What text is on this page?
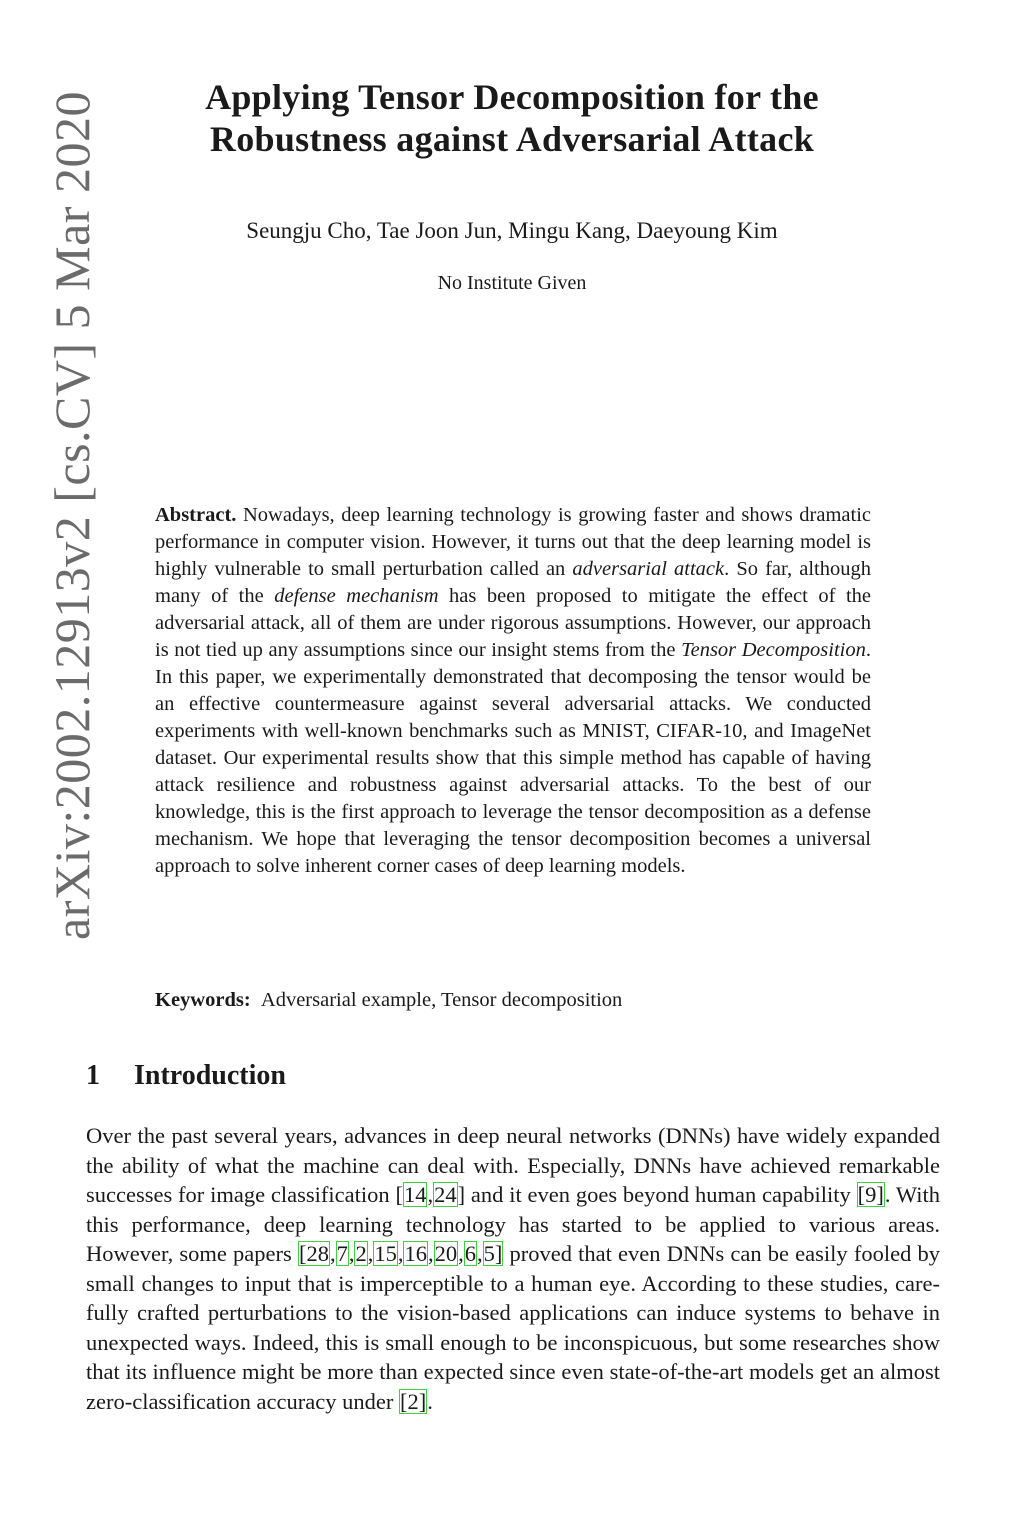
arXiv:2002.12913v2 [cs.CV] 5 Mar 2020	Applying Tensor Decomposition for the
Robustness against Adversarial Attack
Seungju Cho, Tae Joon Jun, Mingu Kang, Daeyoung Kim
No Institute Given
Abstract. Nowadays, deep learning technology is growing faster and shows dramatic performance in computer vision. However, it turns out that the deep learning model is highly vulnerable to small perturbation called an adversarial attack. So far, although many of the defense mechanism has been proposed to mitigate the effect of the adversarial attack, all of them are under rigorous assumptions. However, our approach is not tied up any assumptions since our insight stems from the Tensor Decomposition. In this paper, we experimentally demonstrated that decomposing the tensor would be an effective countermeasure against several adversarial attacks. We conducted experiments with well-known benchmarks such as MNIST, CIFAR-10, and ImageNet dataset. Our experimental results show that this simple method has capable of having attack resilience and robustness against adversarial attacks. To the best of our knowledge, this is the first approach to leverage the tensor decomposition as a defense mechanism. We hope that leveraging the tensor decomposition becomes a universal approach to solve inherent corner cases of deep learning models.
Keywords: Adversarial example, Tensor decomposition
1 Introduction
Over the past several years, advances in deep neural networks (DNNs) have widely expanded the ability of what the machine can deal with. Especially, DNNs have achieved remarkable successes for image classification [14,24] and it even goes beyond human capability [9]. With this performance, deep learning technology has started to be applied to various areas. However, some papers [28,7,2,15,16,20,6,5] proved that even DNNs can be easily fooled by small changes to input that is imperceptible to a human eye. According to these studies, carefully crafted perturbations to the vision-based applications can induce systems to behave in unexpected ways. Indeed, this is small enough to be inconspicuous, but some researches show that its influence might be more than expected since even state-of-the-art models get an almost zero-classification accuracy under [2].
